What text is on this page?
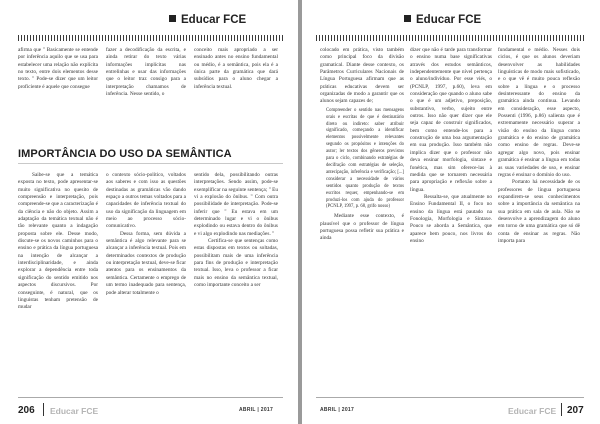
Educar FCE

afirma que " Basicamente se entende por inferência aquilo que se usa para estabelecer uma relação não explícita no texto, entre dois elementos desse texto. " Pode-se dizer que um leitor proficiente é aquele que consegue

fazer a decodificação da escrita, e ainda retirar do texto várias informações implícitas nas entrelinhas e usar das informações que o leitor traz consigo para a interpretação chamamos de inferência. Nesse sentido, o

conceito mais apropriado a ser ensinado antes no ensino fundamental ou médio, é a semântica, pois ela é a única parte da gramática que dará subsídios para o aluno chegar a inferência textual.

IMPORTÂNCIA DO USO DA SEMÂNTICA

Saibe-se que a temática exposta no texto, pode apresentar-se muito significativa no quesito de compreensão e interpretação, pois compreende-se que a caracterização é da ciência e não do objeto. Assim a adaptação da temática textual não é tão relevante quanto a indagação proposta sobre ele. Desse modo, discute-se os novos caminhos para o ensino e prática da língua portuguesa na intenção de alcançar a interdisciplinaridade, e ainda explorar a dependência entre toda significação do sentido emitido nos aspectos discursivos. Por conseguinte, é natural, que os linguistas tenham pretensão de mudar

o contexto sócio-político, voltados aos saberes e com isso as questões destinadas as gramáticas vão dando espaço a outros temas voltados para a capacidades de inferência textual do uso da significação da linguagem em meio ao processo sócio-comunicativo.

Dessa forma, sem dúvida a semântica é algo relevante para se alcançar a inferência textual. Pois em determinados contextos de produção ou interpretação textual, deve-se ficar atentos para os ensinamentos da semântica. Certamente o emprego de um termo inadequado para sentença, pode alterar totalmente o

sentido dela, possibilitando outras interpretações. Sendo assim, pode-se exemplificar na seguinte sentença; " Eu vi a explosão do ônibus. " Com outra possibilidade de interpretação. Pode-se inferir que " Eu estava em um determinado lugar e vi o ônibus explodindo ou estava dentro do ônibus e vi algo explodindo nas mediações. "

Certifica-se que sentenças como estas dispostas em textos ou soltadas, possibilitam mais de uma inferência para fins de produção e interpretação textual. Isso, leva o professor a ficar mais no ensino da semântica textual, como importante conceito a ser

206 Educar FCE	ABRIL | 2017
Educar FCE

colocado em prática, visto também como principal foco da divisão gramatical. Diante desse contexto, os Parâmetros Curriculares Nacionais de Língua Portuguesa afirmam que as práticas educativas devem ser organizadas de modo a garantir que os alunos sejam capazes de;

Compreender o sentido nas mensagens orais e escritas de que é destinatário direto ou indireto: saber atribuir significado, começando a identificar elementos possivelmente relevantes segundo os propósitos e intenções do autor; ler textos dos gêneros previstos para o ciclo, combinando estratégias de decifração com estratégias de seleção, antecipação, inferência e verificação; [...] considerar a necessidade de vários sentidos quanto produção de textos escritos requer, empenhando-se em produzi-los com ajuda do professor (PCNLP, 1997, p. 68, grifo nosso)

Mediante esse contexto, é plausível que o professor de língua portuguesa possa refletir sua prática e ainda

dizer que não é tarde para transformar o ensino numa base significativas através dos estudos semânticos, independentemente que nível pertença o aluno/indivíduo. Por esse viés, o (PCNLP, 1997, p.60), leva em consideração que quando o aluno sabe o que é um adjetivo, preposição, substantivo, verbo, sujeito entre outros. Isso não quer dizer que ele seja capaz de construir significados, bem como entende-los para a construção de uma boa argumentação em sua produção. Isso também não implica dizer que o professor não deva ensinar morfologia, sintaxe e fonética, mas sim oferece-las à medida que se tornarem necessária para apropriação e reflexão sobre a língua.

Ressalta-se, que atualmente no Ensino Fundamental II, o foco no ensino da língua está pautado na Fonologia, Morfologia e Sintaxe. Pouco se aborda a Semântica, que aparece bem pouco, nos livros do ensino

fundamental e médio. Nesses dois ciclos, é que os alunos deveriam desenvolver as habilidades linguísticas de modo mais sofisticado, e o que vê é muito pouca reflexão sobre a língua e o processo desinteressante do ensino da gramática ainda continua. Levando em consideração, esse aspecto, Possenti (1996, p.86) salienta que é extremamente necessário superar a visão do ensino da língua como gramática e do ensino de gramática como ensino de regras. Deve-se agregar algo novo, pois ensinar gramática é ensinar a língua em todas as suas variedades de uso, e ensinar regras é ensinar o domínio do uso.

Portanto há necessidade de os professores de língua portuguesa expandirem-se seus conhecimentos sobre a importância da semântica na sua prática em sala de aula. Não se desenvolve a aprendizagem do aluno em torno de uma gramática que só dê conta de ensinar as regras. Não importa para

ABRIL | 2017	Educar FCE 207
